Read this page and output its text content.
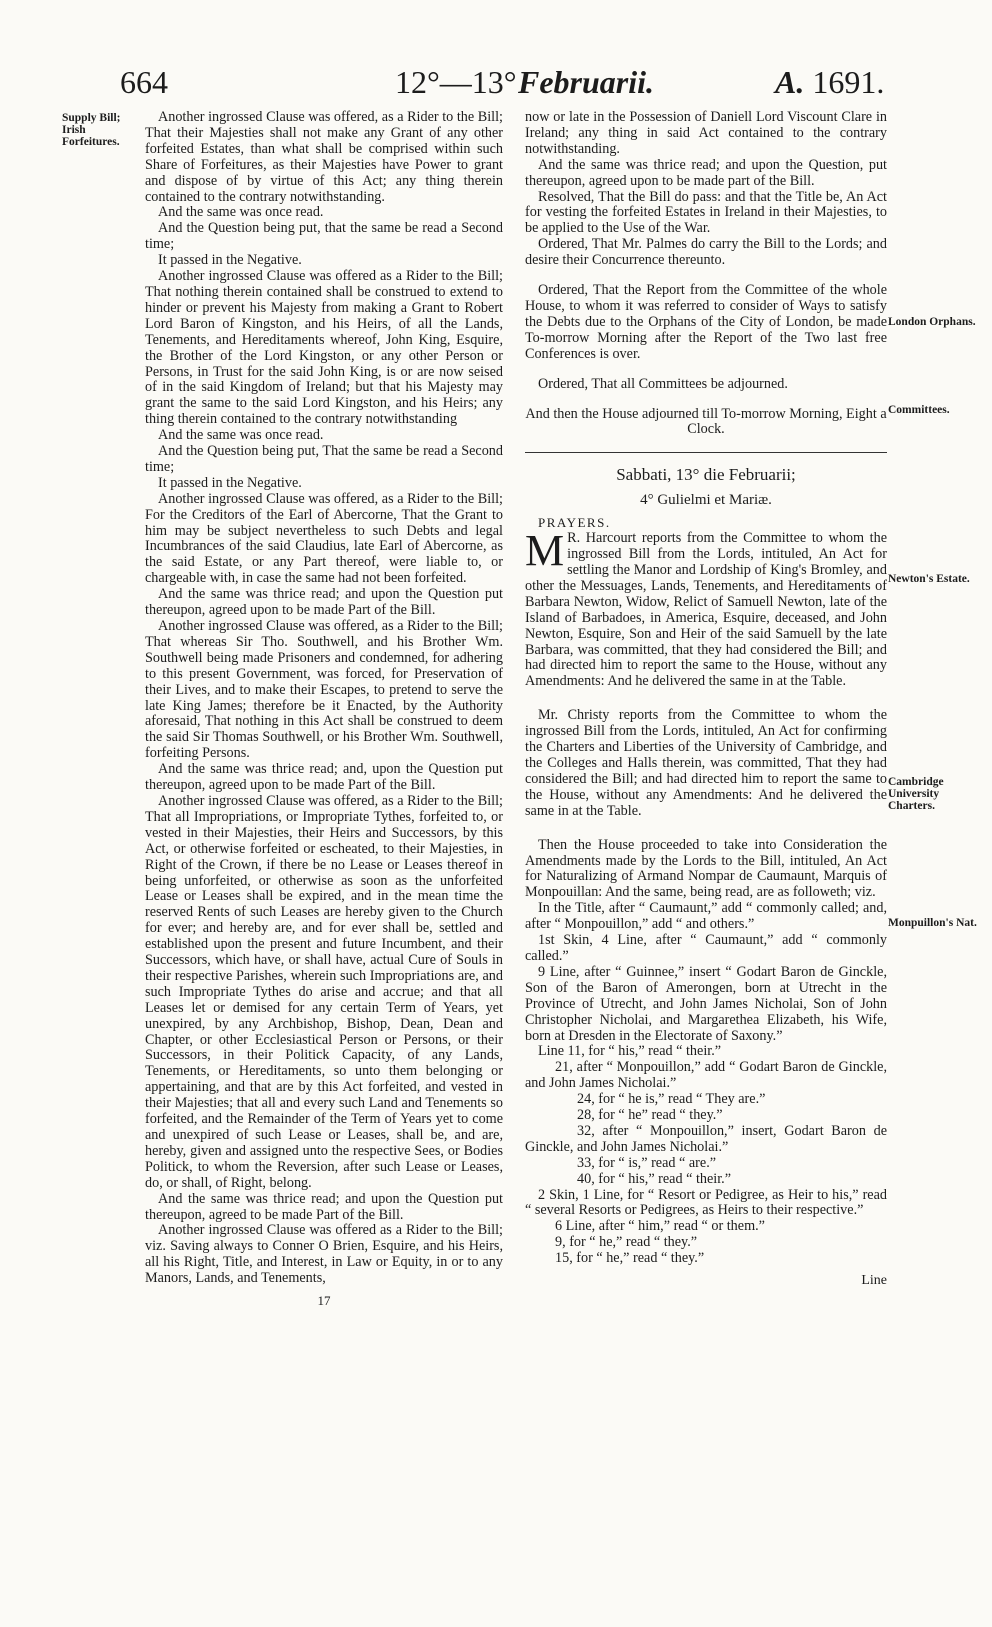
664	12°—13° Februarii.	A. 1691.
Supply Bill; Irish Forfeitures.
London Orphans.
Committees.
Newton's Estate.
Cambridge University Charters.
Monpuillon's Nat.

Another ingrossed Clause was offered, as a Rider to the Bill; That their Majesties shall not make any Grant of any other forfeited Estates, than what shall be comprised within such Share of Forfeitures, as their Majesties have Power to grant and dispose of by virtue of this Act; any thing therein contained to the contrary notwithstanding.

And the same was once read.

And the Question being put, that the same be read a Second time;

It passed in the Negative.

Another ingrossed Clause was offered as a Rider to the Bill; That nothing therein contained shall be construed to extend to hinder or prevent his Majesty from making a Grant to Robert Lord Baron of Kingston, and his Heirs, of all the Lands, Tenements, and Hereditaments whereof, John King, Esquire, the Brother of the Lord Kingston, or any other Person or Persons, in Trust for the said John King, is or are now seised of in the said Kingdom of Ireland; but that his Majesty may grant the same to the said Lord Kingston, and his Heirs; any thing therein contained to the contrary notwithstanding

And the same was once read.

And the Question being put, That the same be read a Second time;

It passed in the Negative.

Another ingrossed Clause was offered, as a Rider to the Bill; For the Creditors of the Earl of Abercorne, That the Grant to him may be subject nevertheless to such Debts and legal Incumbrances of the said Claudius, late Earl of Abercorne, as the said Estate, or any Part thereof, were liable to, or chargeable with, in case the same had not been forfeited.

And the same was thrice read; and upon the Question put thereupon, agreed upon to be made Part of the Bill.

Another ingrossed Clause was offered, as a Rider to the Bill; That whereas Sir Tho. Southwell, and his Brother Wm. Southwell being made Prisoners and condemned, for adhering to this present Government, was forced, for Preservation of their Lives, and to make their Escapes, to pretend to serve the late King James; therefore be it Enacted, by the Authority aforesaid, That nothing in this Act shall be construed to deem the said Sir Thomas Southwell, or his Brother Wm. Southwell, forfeiting Persons.

And the same was thrice read; and, upon the Question put thereupon, agreed upon to be made Part of the Bill.

Another ingrossed Clause was offered, as a Rider to the Bill; That all Impropriations, or Impropriate Tythes, forfeited to, or vested in their Majesties, their Heirs and Successors, by this Act, or otherwise forfeited or escheated, to their Majesties, in Right of the Crown, if there be no Lease or Leases thereof in being unforfeited, or otherwise as soon as the unforfeited Lease or Leases shall be expired, and in the mean time the reserved Rents of such Leases are hereby given to the Church for ever; and hereby are, and for ever shall be, settled and established upon the present and future Incumbent, and their Successors, which have, or shall have, actual Cure of Souls in their respective Parishes, wherein such Impropriations are, and such Impropriate Tythes do arise and accrue; and that all Leases let or demised for any certain Term of Years, yet unexpired, by any Archbishop, Bishop, Dean, Dean and Chapter, or other Ecclesiastical Person or Persons, or their Successors, in their Politick Capacity, of any Lands, Tenements, or Hereditaments, so unto them belonging or appertaining, and that are by this Act forfeited, and vested in their Majesties; that all and every such Land and Tenements so forfeited, and the Remainder of the Term of Years yet to come and unexpired of such Lease or Leases, shall be, and are, hereby, given and assigned unto the respective Sees, or Bodies Politick, to whom the Reversion, after such Lease or Leases, do, or shall, of Right, belong.

And the same was thrice read; and upon the Question put thereupon, agreed to be made Part of the Bill.

Another ingrossed Clause was offered as a Rider to the Bill; viz. Saving always to Conner O Brien, Esquire, and his Heirs, all his Right, Title, and Interest, in Law or Equity, in or to any Manors, Lands, and Tenements,

17

now or late in the Possession of Daniell Lord Viscount Clare in Ireland; any thing in said Act contained to the contrary notwithstanding.

And the same was thrice read; and upon the Question, put thereupon, agreed upon to be made part of the Bill.

Resolved, That the Bill do pass: and that the Title be, An Act for vesting the forfeited Estates in Ireland in their Majesties, to be applied to the Use of the War.

Ordered, That Mr. Palmes do carry the Bill to the Lords; and desire their Concurrence thereunto.

Ordered, That the Report from the Committee of the whole House, to whom it was referred to consider of Ways to satisfy the Debts due to the Orphans of the City of London, be made To-morrow Morning after the Report of the Two last free Conferences is over.

Ordered, That all Committees be adjourned.

And then the House adjourned till To-morrow Morning, Eight a Clock.

Sabbati, 13° die Februarii;
4° Gulielmi et Mariæ.

PRAYERS.

M R. Harcourt reports from the Committee to whom the ingrossed Bill from the Lords, intituled, An Act for settling the Manor and Lordship of King's Bromley, and other the Messuages, Lands, Tenements, and Hereditaments of Barbara Newton, Widow, Relict of Samuell Newton, late of the Island of Barbadoes, in America, Esquire, deceased, and John Newton, Esquire, Son and Heir of the said Samuell by the late Barbara, was committed, that they had considered the Bill; and had directed him to report the same to the House, without any Amendments: And he delivered the same in at the Table.

Mr. Christy reports from the Committee to whom the ingrossed Bill from the Lords, intituled, An Act for confirming the Charters and Liberties of the University of Cambridge, and the Colleges and Halls therein, was committed, That they had considered the Bill; and had directed him to report the same to the House, without any Amendments: And he delivered the same in at the Table.

Then the House proceeded to take into Consideration the Amendments made by the Lords to the Bill, intituled, An Act for Naturalizing of Armand Nompar de Caumaunt, Marquis of Monpouillan: And the same, being read, are as followeth; viz.

In the Title, after “ Caumaunt,” add “ commonly called; and, after “ Monpouillon,” add “ and others.”

1st Skin, 4 Line, after “ Caumaunt,” add “ commonly called.”

9 Line, after “ Guinnee,” insert “ Godart Baron de Ginckle, Son of the Baron of Amerongen, born at Utrecht in the Province of Utrecht, and John James Nicholai, Son of John Christopher Nicholai, and Margarethea Elizabeth, his Wife, born at Dresden in the Electorate of Saxony.”

Line 11, for “ his,” read “ their.”

21, after “ Monpouillon,” add “ Godart Baron de Ginckle, and John James Nicholai.”

24, for “ he is,” read “ They are.”

28, for “ he” read “ they.”

32, after “ Monpouillon,” insert, Godart Baron de Ginckle, and John James Nicholai.”

33, for “ is,” read “ are.”

40, for “ his,” read “ their.”

2 Skin, 1 Line, for “ Resort or Pedigree, as Heir to his,” read “ several Resorts or Pedigrees, as Heirs to their respective.”

6 Line, after “ him,” read “ or them.”

9, for “ he,” read “ they.”

15, for “ he,” read “ they.”

Line
